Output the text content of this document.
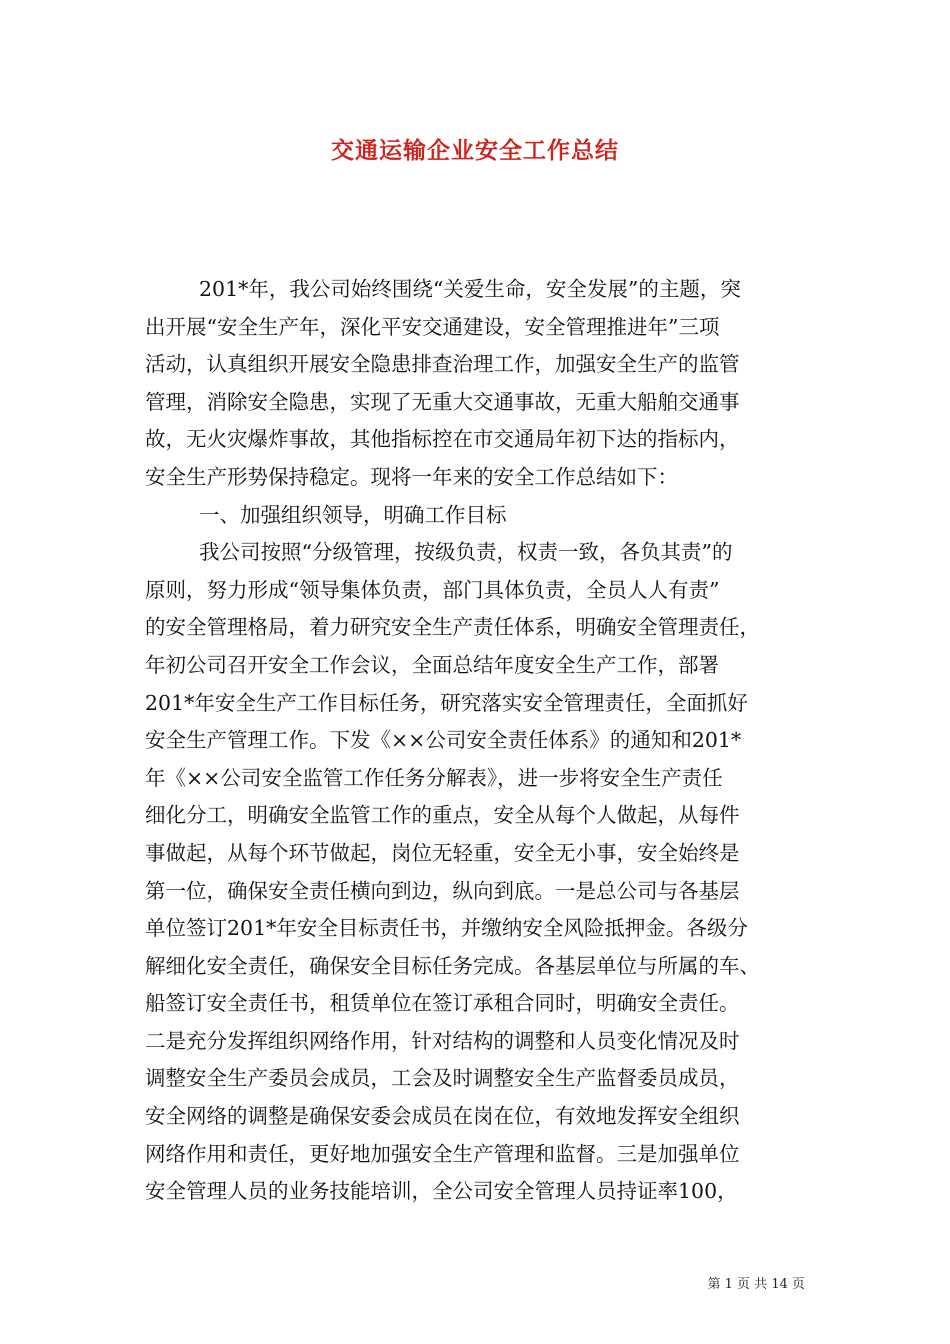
交通运输企业安全工作总结
201*年，我公司始终围绕“关爱生命，安全发展”的主题，突
出开展“安全生产年，深化平安交通建设，安全管理推进年”三项
活动，认真组织开展安全隐患排查治理工作，加强安全生产的监管
管理，消除安全隐患，实现了无重大交通事故，无重大船舶交通事
故，无火灾爆炸事故，其他指标控在市交通局年初下达的指标内，
安全生产形势保持稳定。现将一年来的安全工作总结如下：
一、加强组织领导，明确工作目标
我公司按照“分级管理，按级负责，权责一致，各负其责”的
原则，努力形成“领导集体负责，部门具体负责，全员人人有责”
的安全管理格局，着力研究安全生产责任体系，明确安全管理责任，
年初公司召开安全工作会议，全面总结年度安全生产工作，部署
201*年安全生产工作目标任务，研究落实安全管理责任，全面抓好
安全生产管理工作。下发《××公司安全责任体系》的通知和201*
年《××公司安全监管工作任务分解表》，进一步将安全生产责任
细化分工，明确安全监管工作的重点，安全从每个人做起，从每件
事做起，从每个环节做起，岗位无轻重，安全无小事，安全始终是
第一位，确保安全责任横向到边，纵向到底。一是总公司与各基层
单位签订201*年安全目标责任书，并缴纳安全风险抵押金。各级分
解细化安全责任，确保安全目标任务完成。各基层单位与所属的车、
船签订安全责任书，租赁单位在签订承租合同时，明确安全责任。
二是充分发挥组织网络作用，针对结构的调整和人员变化情况及时
调整安全生产委员会成员，工会及时调整安全生产监督委员成员，
安全网络的调整是确保安委会成员在岗在位，有效地发挥安全组织
网络作用和责任，更好地加强安全生产管理和监督。三是加强单位
安全管理人员的业务技能培训，全公司安全管理人员持证率100，
第 1 页 共 14 页
